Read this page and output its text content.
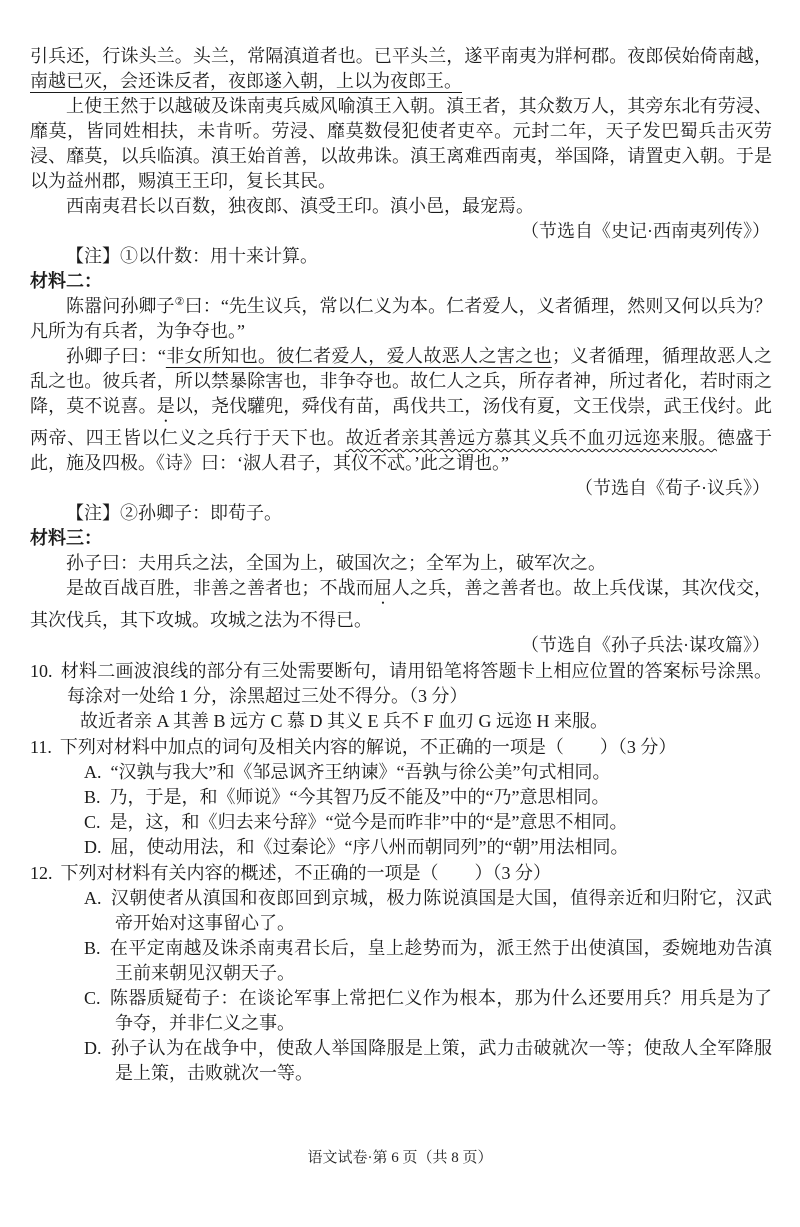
引兵还，行诛头兰。头兰，常隔滇道者也。已平头兰，遂平南夷为牂柯郡。夜郎侯始倚南越，南越已灭，会还诛反者，夜郎遂入朝，上以为夜郎王。

上使王然于以越破及诛南夷兵威风喻滇王入朝。滇王者，其众数万人，其旁东北有劳浸、靡莫，皆同姓相扶，未肯听。劳浸、靡莫数侵犯使者吏卒。元封二年，天子发巴蜀兵击灭劳浸、靡莫，以兵临滇。滇王始首善，以故弗诛。滇王离难西南夷，举国降，请置吏入朝。于是以为益州郡，赐滇王王印，复长其民。

西南夷君长以百数，独夜郎、滇受王印。滇小邑，最宠焉。

（节选自《史记·西南夷列传》）

【注】①以什数：用十来计算。

材料二：

陈嚣问孙卿子②曰：“先生议兵，常以仁义为本。仁者爱人，义者循理，然则又何以兵为？凡所为有兵者，为争夺也。”

孙卿子曰：“非女所知也。彼仁者爱人，爱人故恶人之害之也；义者循理，循理故恶人之乱之也。彼兵者，所以禁暴除害也，非争夺也。故仁人之兵，所存者神，所过者化，若时雨之降，莫不说喜。是以，尧伐驩兜，舜伐有苗，禹伐共工，汤伐有夏，文王伐崇，武王伐纣。此两帝、四王皆以仁义之兵行于天下也。故近者亲其善远方慕其义兵不血刃远迩来服。德盛于此，施及四极。《诗》曰：‘淑人君子，其仪不忒。’此之谓也。”

（节选自《荀子·议兵》）

【注】②孙卿子：即荀子。

材料三：

孙子曰：夫用兵之法，全国为上，破国次之；全军为上，破军次之。

是故百战百胜，非善之善者也；不战而屈人之兵，善之善者也。故上兵伐谋，其次伐交，其次伐兵，其下攻城。攻城之法为不得已。

（节选自《孙子兵法·谋攻篇》）

10. 材料二画波浪线的部分有三处需要断句，请用铅笔将答题卡上相应位置的答案标号涂黑。每涂对一处给 1 分，涂黑超过三处不得分。（3 分）

故近者亲 A 其善 B 远方 C 慕 D 其义 E 兵不 F 血刃 G 远迩 H 来服。

11. 下列对材料中加点的词句及相关内容的解说，不正确的一项是（　　）（3 分）

A. “汉孰与我大”和《邹忌讽齐王纳谏》“吾孰与徐公美”句式相同。

B. 乃，于是，和《师说》“今其智乃反不能及”中的“乃”意思相同。

C. 是，这，和《归去来兮辞》“觉今是而昨非”中的“是”意思不相同。

D. 屈，使动用法，和《过秦论》“序八州而朝同列”的“朝”用法相同。

12. 下列对材料有关内容的概述，不正确的一项是（　　）（3 分）

A. 汉朝使者从滇国和夜郎回到京城，极力陈说滇国是大国，值得亲近和归附它，汉武帝开始对这事留心了。

B. 在平定南越及诛杀南夷君长后，皇上趁势而为，派王然于出使滇国，委婉地劝告滇王前来朝见汉朝天子。

C. 陈器质疑荀子：在谈论军事上常把仁义作为根本，那为什么还要用兵？用兵是为了争夺，并非仁义之事。

D. 孙子认为在战争中，使敌人举国降服是上策，武力击破就次一等；使敌人全军降服是上策，击败就次一等。

语文试卷·第 6 页（共 8 页）
